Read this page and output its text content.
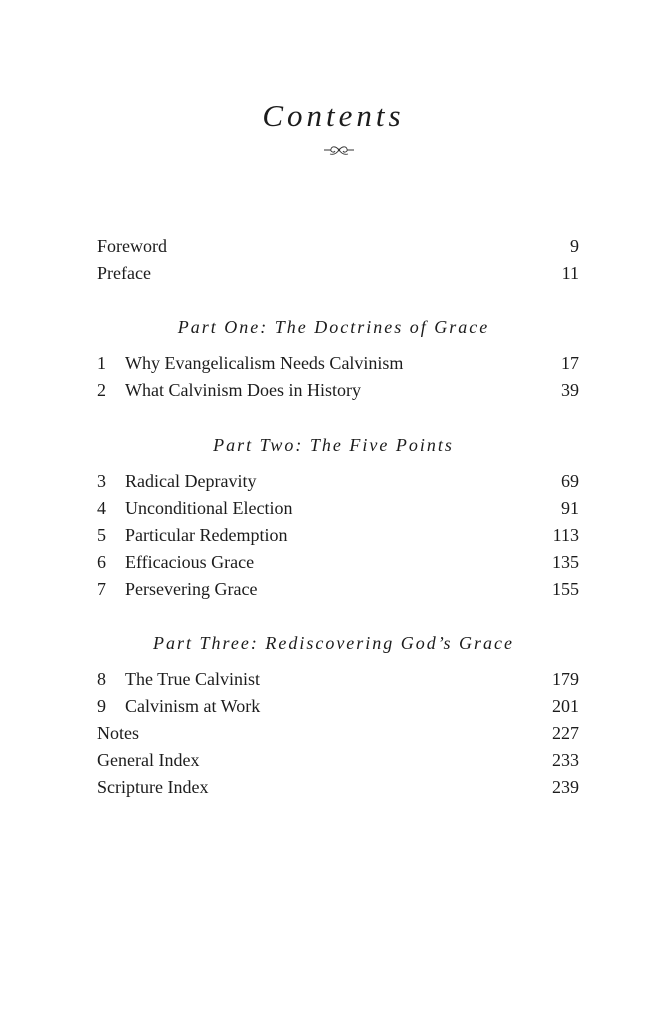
Contents
Foreword	9
Preface	11
Part One: The Doctrines of Grace
1	Why Evangelicalism Needs Calvinism	17
2	What Calvinism Does in History	39
Part Two: The Five Points
3	Radical Depravity	69
4	Unconditional Election	91
5	Particular Redemption	113
6	Efficacious Grace	135
7	Persevering Grace	155
Part Three: Rediscovering God’s Grace
8	The True Calvinist	179
9	Calvinism at Work	201
Notes	227
General Index	233
Scripture Index	239
